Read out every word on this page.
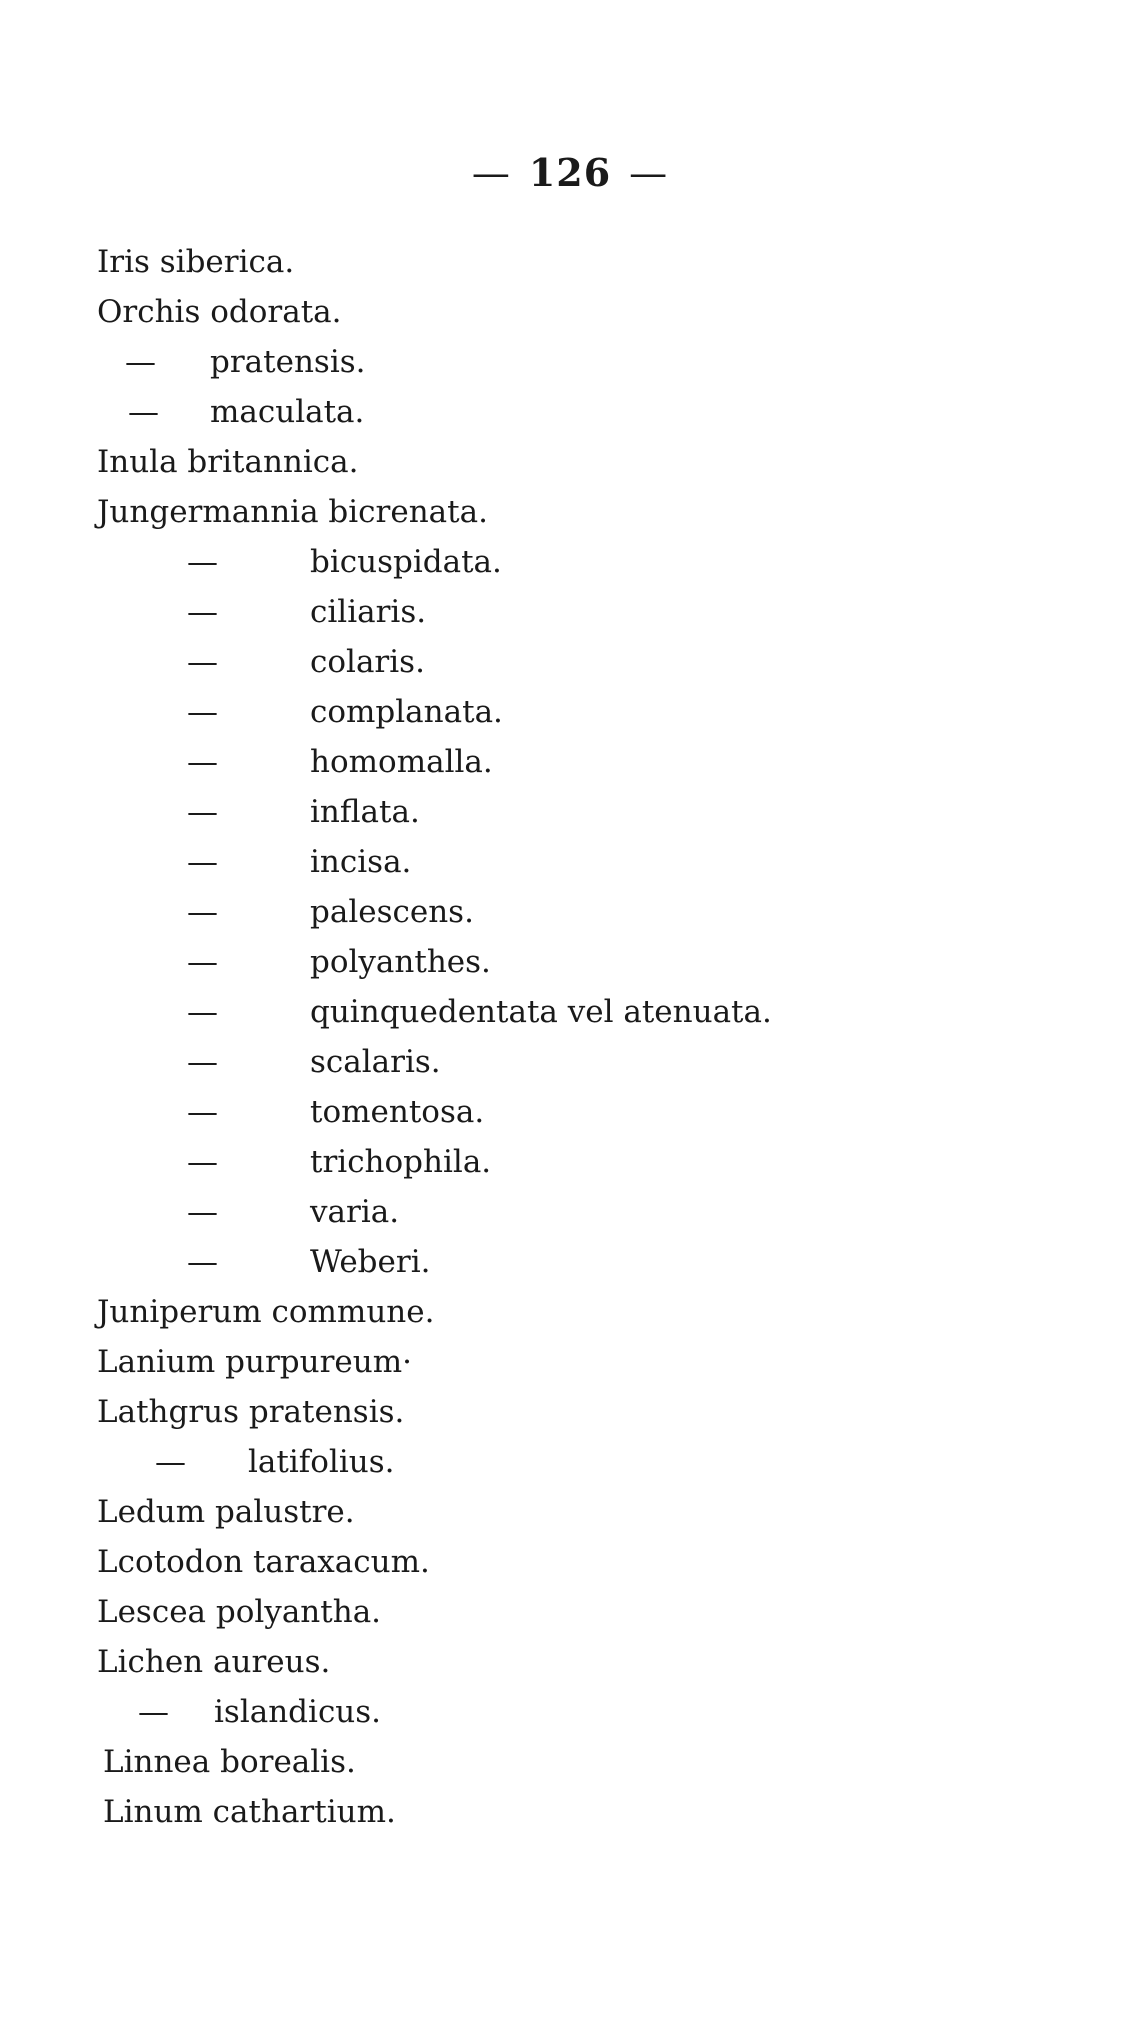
— 126 —
Iris siberica.
Orchis odorata.
— pratensis.
— maculata.
Inula britannica.
Jungermannia bicrenata.
—	bicuspidata.
—	ciliaris.
—	colaris.
—	complanata.
—	homomalla.
—	inflata.
—	incisa.
—	palescens.
—	polyanthes.
—	quinquedentata vel atenuata.
—	scalaris.
—	tomentosa.
—	trichophila.
—	varia.
—	Weberi.
Juniperum commune.
Lanium purpureum·
Lathgrus pratensis.
— latifolius.
Ledum palustre.
Lcotodon taraxacum.
Lescea polyantha.
Lichen aureus.
— islandicus.
Linnea borealis.
Linum cathartium.
